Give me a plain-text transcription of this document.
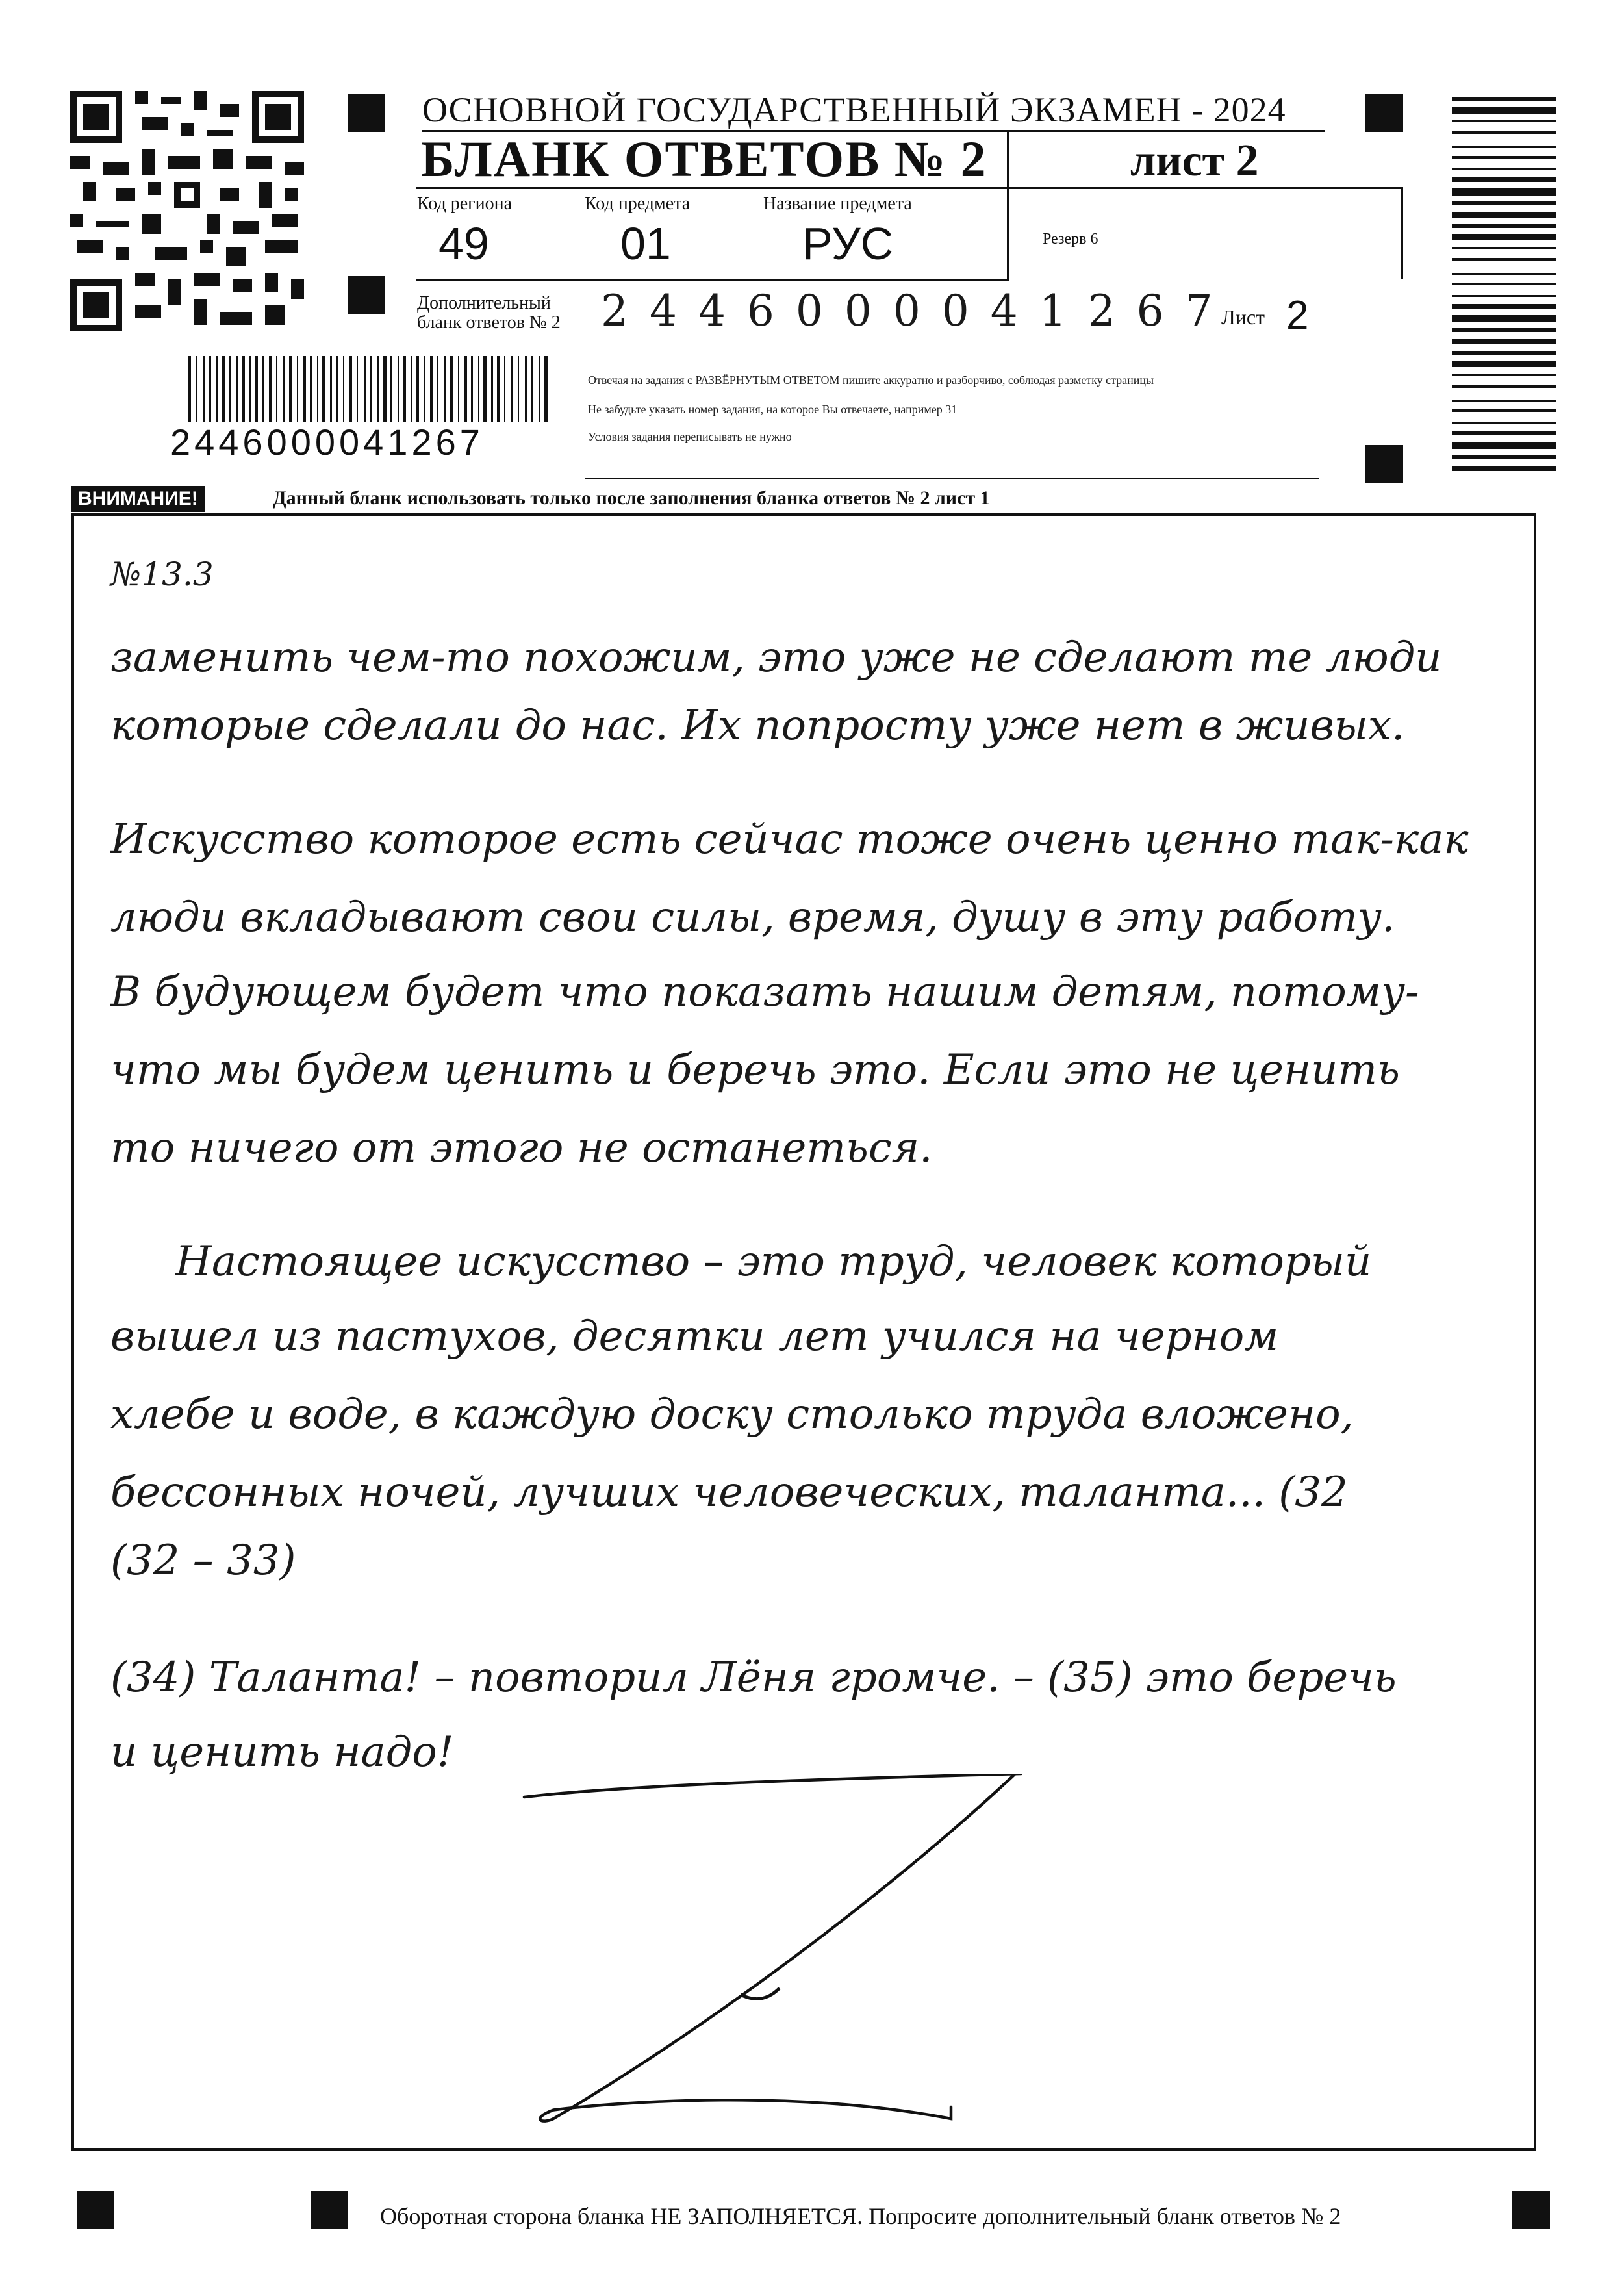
ОСНОВНОЙ ГОСУДАРСТВЕННЫЙ ЭКЗАМЕН - 2024
БЛАНК ОТВЕТОВ № 2	лист 2
Код региона
49
Код предмета
01
Название предмета
РУС	Резерв 6
Дополнительный
бланк ответов № 2 2 4 4 6 0 0 0 0 4 1 2 6 7 Лист 2
2446000041267
Отвечая на задания с РАЗВЁРНУТЫМ ОТВЕТОМ пишите аккуратно и разборчиво, соблюдая разметку страницы
Не забудьте указать номер задания, на которое Вы отвечаете, например 31
Условия задания переписывать не нужно
ВНИМАНИЕ!	Данный бланк использовать только после заполнения бланка ответов № 2 лист 1
№13.3
заменить чем-то похожим, это уже не сделают те люди
которые сделали до нас. Их попросту уже нет в живых.
Искусство которое есть сейчас тоже очень ценно так-как
люди вкладывают свои силы, время, душу в эту работу.
В будующем будет что показать нашим детям, потому-
что мы будем ценить и беречь это. Если это не ценить
то ничего от этого не останеться.
Настоящее искусство – это труд, человек который
вышел из пастухов, десятки лет учился на черном
хлебе и воде, в каждую доску столько труда вложено,
бессонных ночей, лучших человеческих, таланта... (32
(32 – 33)
(34) Таланта! – повторил Лёня громче. – (35) это беречь
и ценить надо!
Оборотная сторона бланка НЕ ЗАПОЛНЯЕТСЯ. Попросите дополнительный бланк ответов № 2
